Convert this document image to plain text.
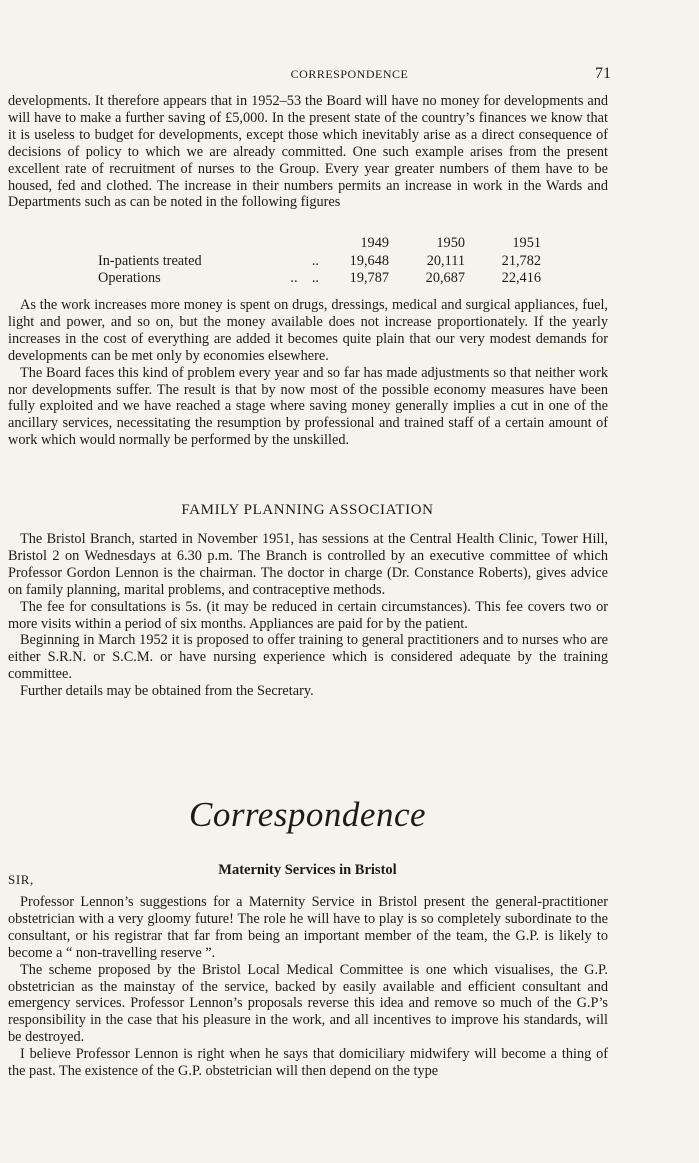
CORRESPONDENCE	71

developments. It therefore appears that in 1952–53 the Board will have no money for developments and will have to make a further saving of £5,000. In the present state of the country’s finances we know that it is useless to budget for developments, except those which inevitably arise as a direct consequence of decisions of policy to which we are already committed. One such example arises from the present excellent rate of recruitment of nurses to the Group. Every year greater numbers of them have to be housed, fed and clothed. The increase in their numbers permits an increase in work in the Wards and Departments such as can be noted in the following figures

		1949	1950	1951
In-patients treated	..	19,648	20,111	21,782
Operations	..    ..	19,787	20,687	22,416

As the work increases more money is spent on drugs, dressings, medical and surgical appliances, fuel, light and power, and so on, but the money available does not increase proportionately. If the yearly increases in the cost of everything are added it becomes quite plain that our very modest demands for developments can be met only by economies elsewhere.

The Board faces this kind of problem every year and so far has made adjustments so that neither work nor developments suffer. The result is that by now most of the possible economy measures have been fully exploited and we have reached a stage where saving money generally implies a cut in one of the ancillary services, necessitating the resumption by professional and trained staff of a certain amount of work which would normally be performed by the unskilled.

FAMILY PLANNING ASSOCIATION

The Bristol Branch, started in November 1951, has sessions at the Central Health Clinic, Tower Hill, Bristol 2 on Wednesdays at 6.30 p.m. The Branch is controlled by an executive committee of which Professor Gordon Lennon is the chairman. The doctor in charge (Dr. Constance Roberts), gives advice on family planning, marital problems, and contraceptive methods.

The fee for consultations is 5s. (it may be reduced in certain circumstances). This fee covers two or more visits within a period of six months. Appliances are paid for by the patient.

Beginning in March 1952 it is proposed to offer training to general practitioners and to nurses who are either S.R.N. or S.C.M. or have nursing experience which is considered adequate by the training committee.

Further details may be obtained from the Secretary.

Correspondence
Maternity Services in Bristol
SIR,

Professor Lennon’s suggestions for a Maternity Service in Bristol present the general-practitioner obstetrician with a very gloomy future! The role he will have to play is so completely subordinate to the consultant, or his registrar that far from being an important member of the team, the G.P. is likely to become a “ non-travelling reserve ”.

The scheme proposed by the Bristol Local Medical Committee is one which visualises, the G.P. obstetrician as the mainstay of the service, backed by easily available and efficient consultant and emergency services. Professor Lennon’s proposals reverse this idea and remove so much of the G.P’s responsibility in the case that his pleasure in the work, and all incentives to improve his standards, will be destroyed.

I believe Professor Lennon is right when he says that domiciliary midwifery will become a thing of the past. The existence of the G.P. obstetrician will then depend on the type
